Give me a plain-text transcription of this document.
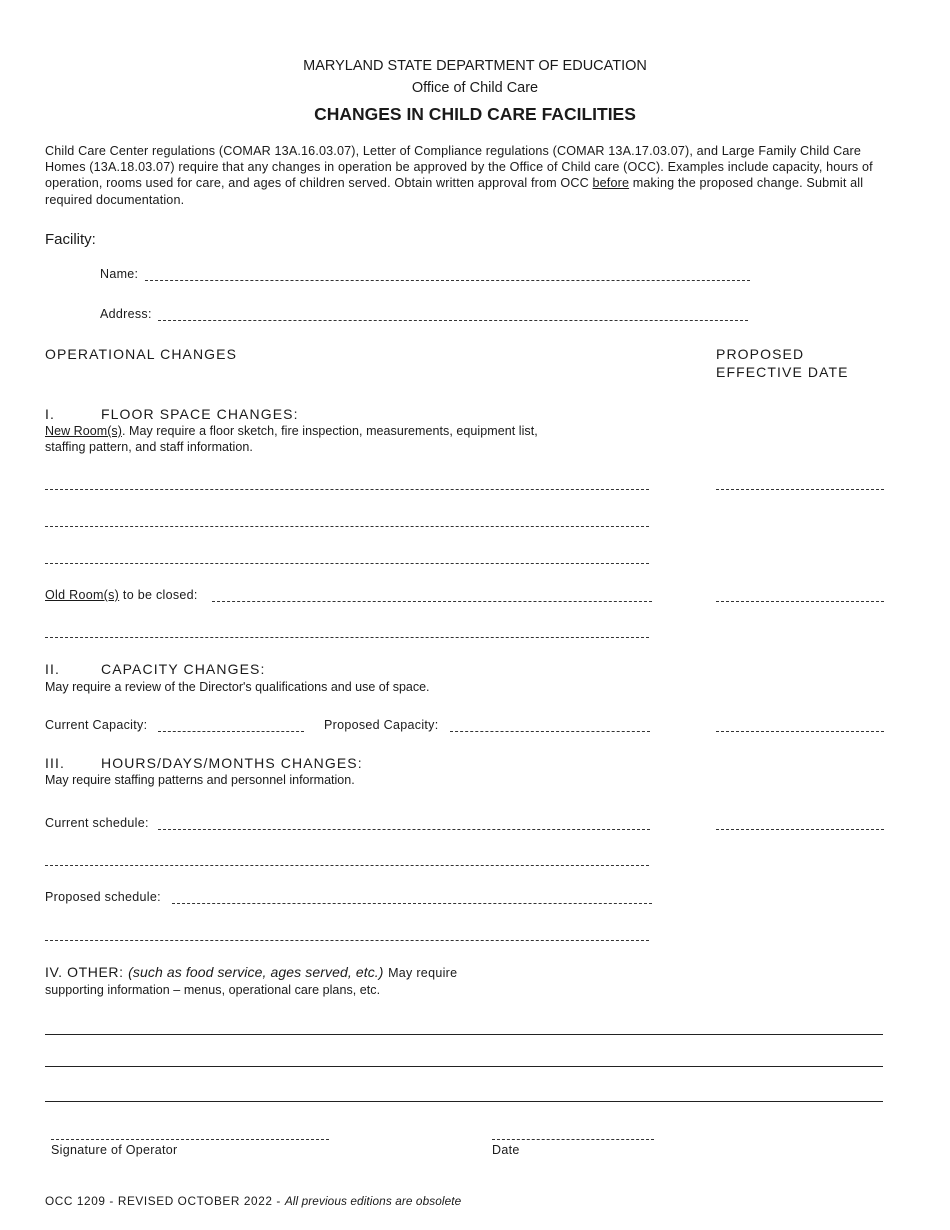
MARYLAND STATE DEPARTMENT OF EDUCATION
Office of Child Care
CHANGES IN CHILD CARE FACILITIES
Child Care Center regulations (COMAR 13A.16.03.07), Letter of Compliance regulations (COMAR 13A.17.03.07), and Large Family Child Care Homes (13A.18.03.07) require that any changes in operation be approved by the Office of Child care (OCC). Examples include capacity, hours of operation, rooms used for care, and ages of children served. Obtain written approval from OCC before making the proposed change. Submit all required documentation.
Facility:
Name:
Address:
OPERATIONAL CHANGES	PROPOSED
EFFECTIVE DATE
I.	FLOOR SPACE CHANGES:
New Room(s). May require a floor sketch, fire inspection, measurements, equipment list,
staffing pattern, and staff information.
Old Room(s) to be closed:
II.	CAPACITY CHANGES:
May require a review of the Director's qualifications and use of space.
Current Capacity:	Proposed Capacity:
III.	HOURS/DAYS/MONTHS CHANGES:
May require staffing patterns and personnel information.
Current schedule:
Proposed schedule:
IV. OTHER: (such as food service, ages served, etc.) May require
supporting information – menus, operational care plans, etc.
Signature of Operator	Date
OCC 1209 - REVISED OCTOBER 2022 - All previous editions are obsolete
